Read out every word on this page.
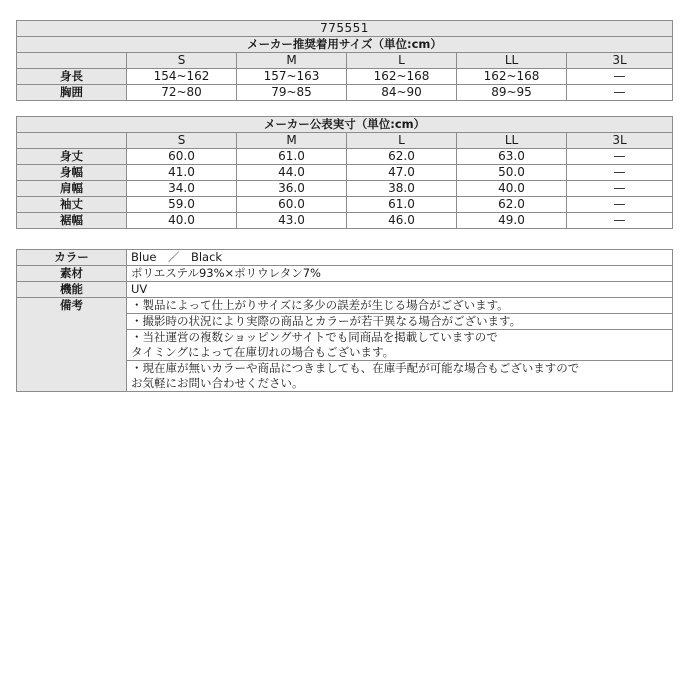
775551					
メーカー推奨着用サイズ（単位:cm）					
	S	M	L	LL	3L
身長	154~162	157~163	162~168	162~168	—
胸囲	72~80	79~85	84~90	89~95	—
メーカー公表実寸（単位:cm）					
	S	M	L	LL	3L
身丈	60.0	61.0	62.0	63.0	—
身幅	41.0	44.0	47.0	50.0	—
肩幅	34.0	36.0	38.0	40.0	—
袖丈	59.0	60.0	61.0	62.0	—
裾幅	40.0	43.0	46.0	49.0	—
カラー	Blue　／　Black
素材	ポリエステル93%×ポリウレタン7%
機能	UV
備考	・製品によって仕上がりサイズに多少の誤差が生じる場合がございます。
	・撮影時の状況により実際の商品とカラーが若干異なる場合がございます。
	・当社運営の複数ショッピングサイトでも同商品を掲載していますので
タイミングによって在庫切れの場合もございます。
	・現在庫が無いカラーや商品につきましても、在庫手配が可能な場合もございますので
お気軽にお問い合わせください。
